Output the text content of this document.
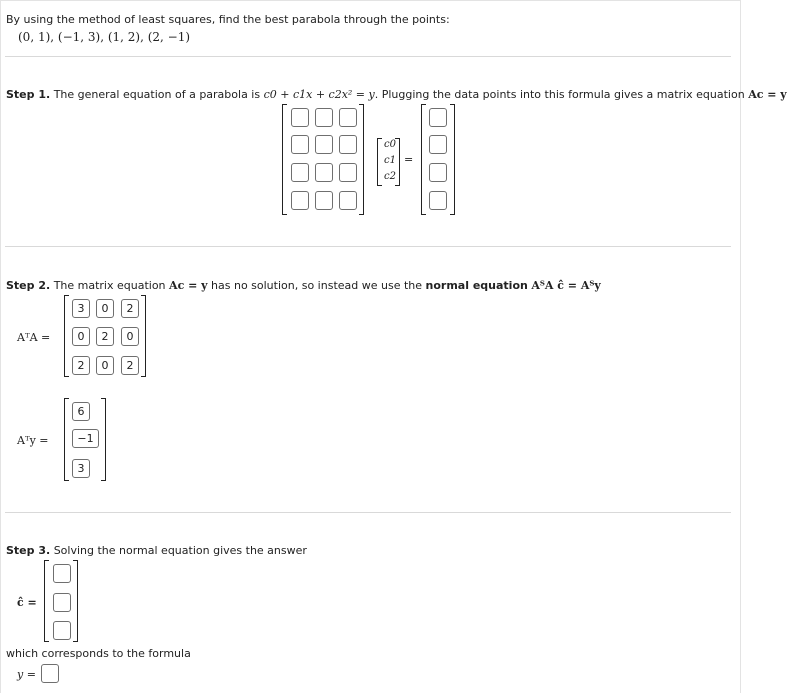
By using the method of least squares, find the best parabola through the points:
(0, 1), (−1, 3), (1, 2), (2, −1)
Step 1. The general equation of a parabola is c0 + c1x + c2x² = y. Plugging the data points into this formula gives a matrix equation Ac = y
c0
c1
c2
=
Step 2. The matrix equation Ac = y has no solution, so instead we use the normal equation AᵀA ĉ = Aᵀy
AᵀA =
3	0	2
0	2	0
2	0	2
Aᵀy =
6
−1
3
Step 3. Solving the normal equation gives the answer
ĉ =
which corresponds to the formula
y =
